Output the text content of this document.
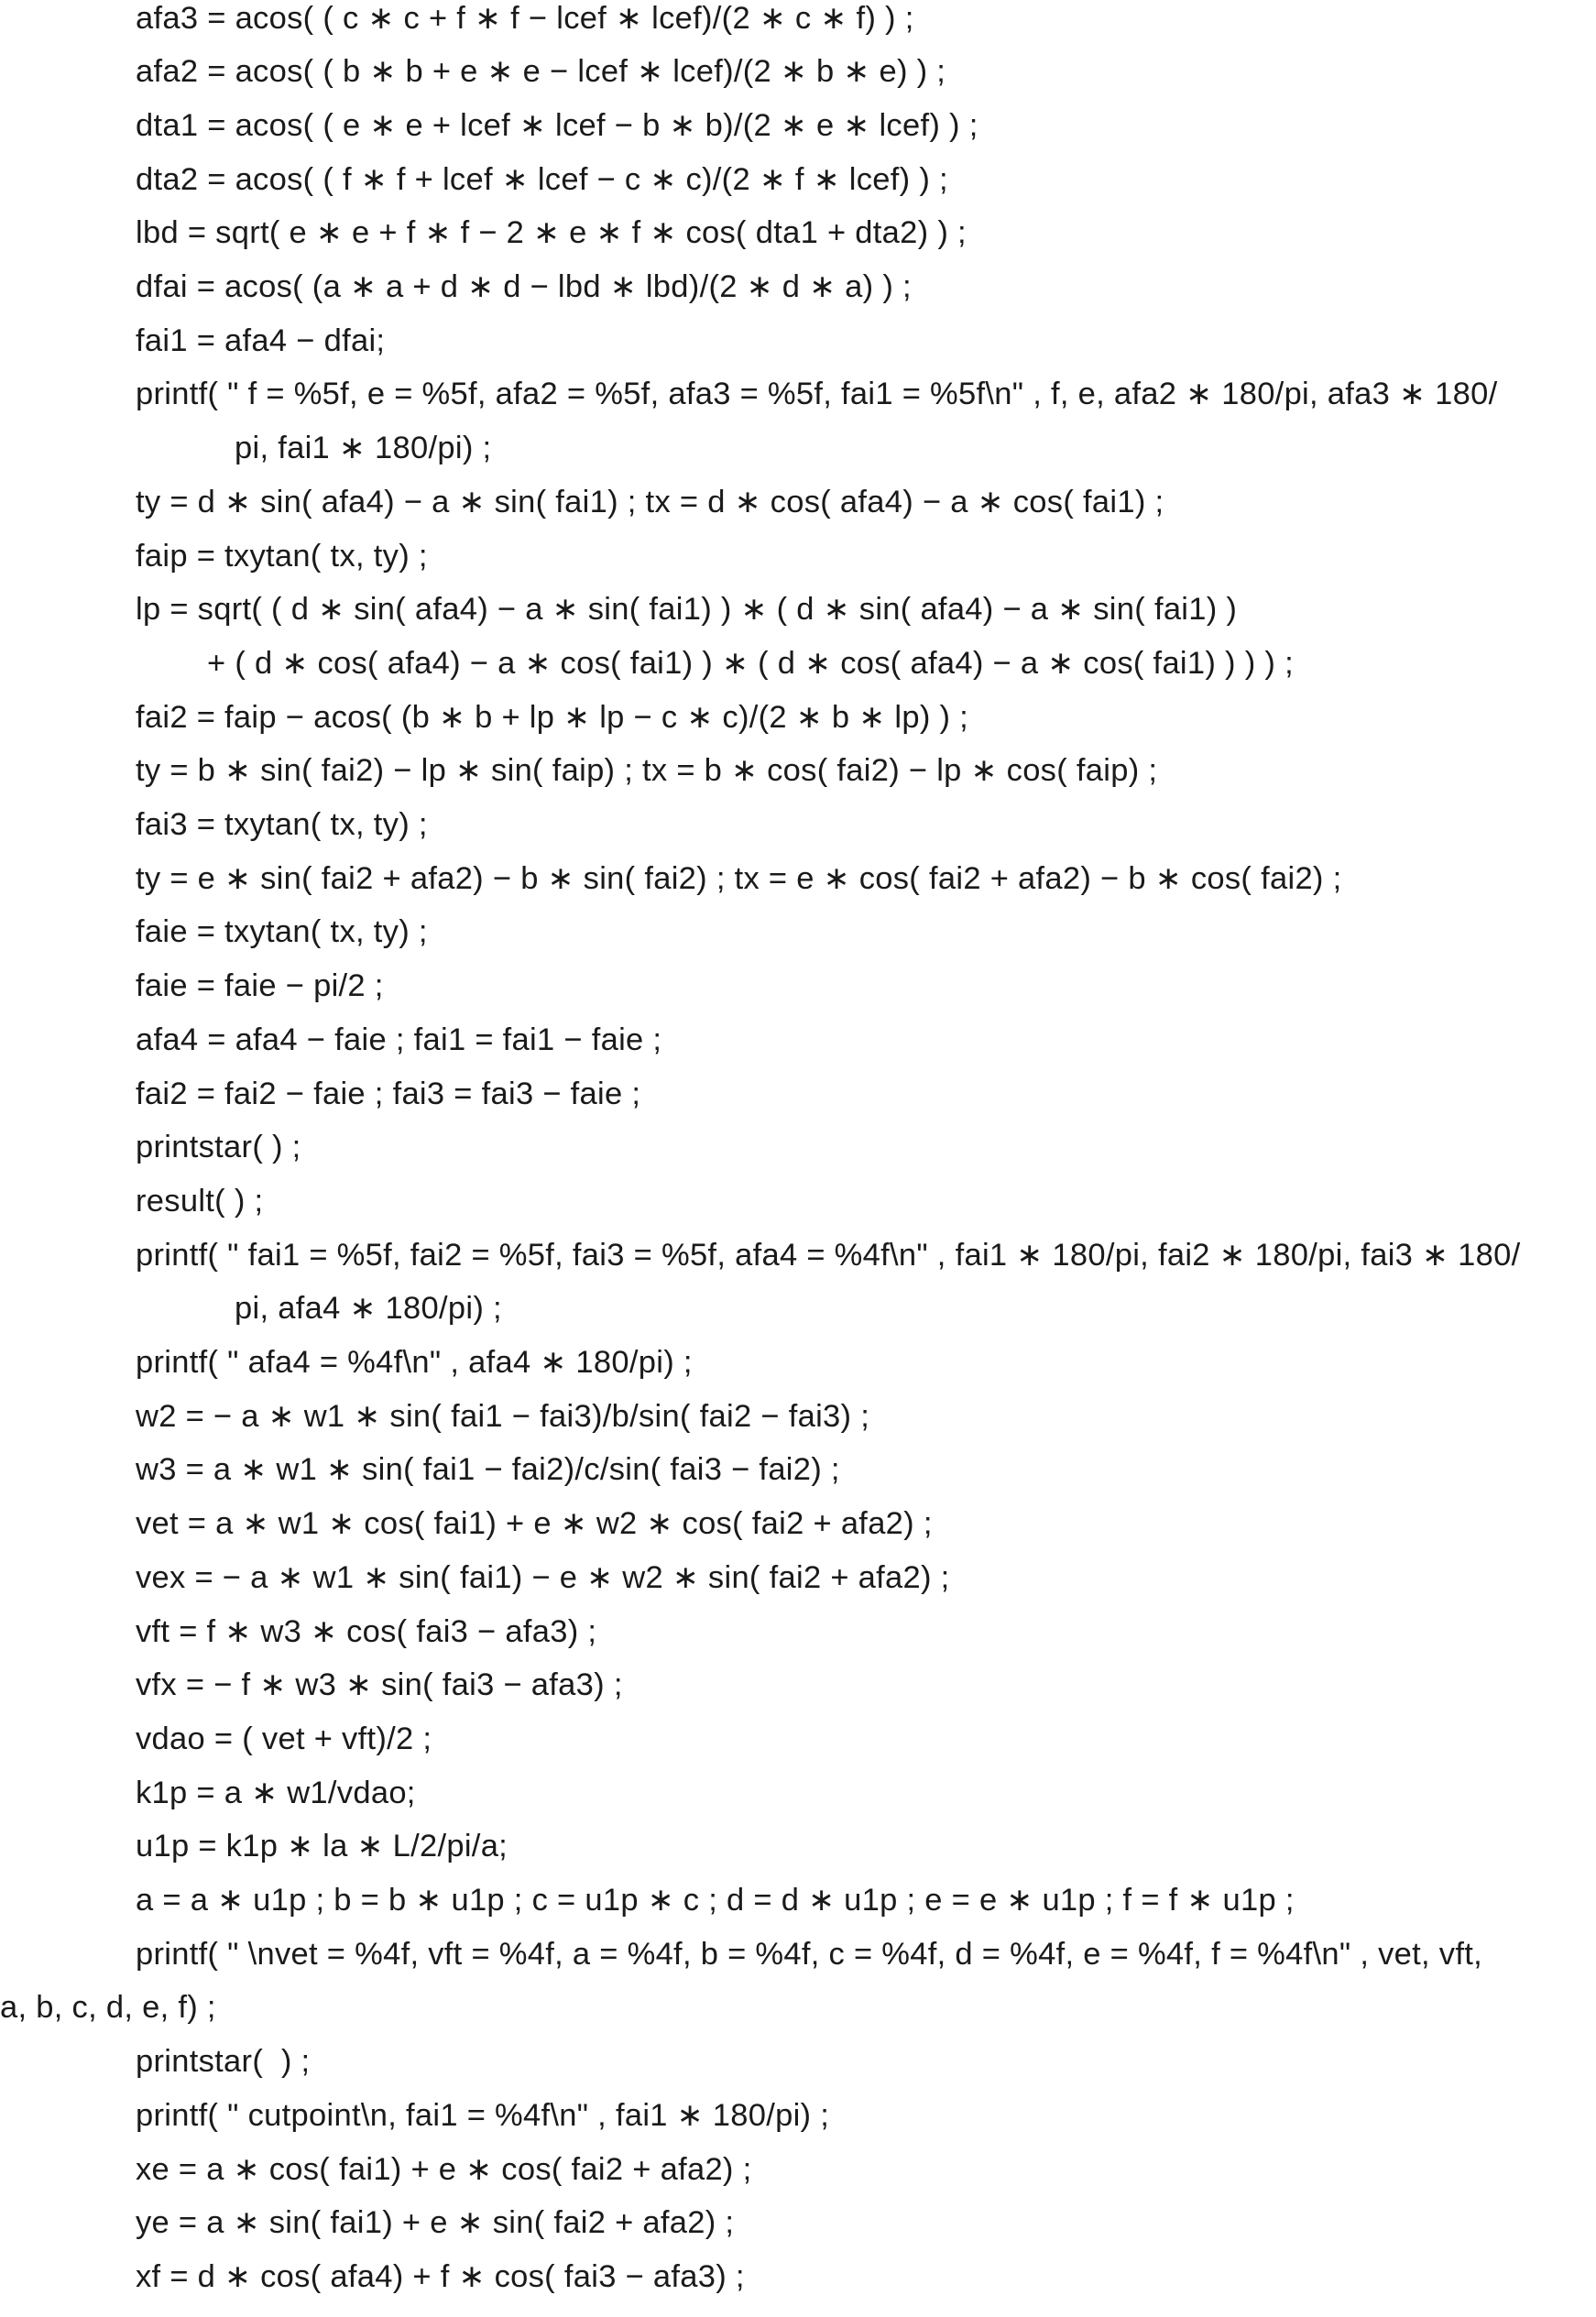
afa3 = acos( ( c ∗ c + f ∗ f − lcef ∗ lcef)/(2 ∗ c ∗ f) ) ;
afa2 = acos( ( b ∗ b + e ∗ e − lcef ∗ lcef)/(2 ∗ b ∗ e) ) ;
dta1 = acos( ( e ∗ e + lcef ∗ lcef − b ∗ b)/(2 ∗ e ∗ lcef) ) ;
dta2 = acos( ( f ∗ f + lcef ∗ lcef − c ∗ c)/(2 ∗ f ∗ lcef) ) ;
lbd = sqrt( e ∗ e + f ∗ f − 2 ∗ e ∗ f ∗ cos( dta1 + dta2) ) ;
dfai = acos( (a ∗ a + d ∗ d − lbd ∗ lbd)/(2 ∗ d ∗ a) ) ;
fai1 = afa4 − dfai;
printf( " f = %5f, e = %5f, afa2 = %5f, afa3 = %5f, fai1 = %5f\n" , f, e, afa2 ∗ 180/pi, afa3 ∗ 180/
pi, fai1 ∗ 180/pi) ;
ty = d ∗ sin( afa4) − a ∗ sin( fai1) ; tx = d ∗ cos( afa4) − a ∗ cos( fai1) ;
faip = txytan( tx, ty) ;
lp = sqrt( ( d ∗ sin( afa4) − a ∗ sin( fai1) ) ∗ ( d ∗ sin( afa4) − a ∗ sin( fai1) )
+ ( d ∗ cos( afa4) − a ∗ cos( fai1) ) ∗ ( d ∗ cos( afa4) − a ∗ cos( fai1) ) ) ) ;
fai2 = faip − acos( (b ∗ b + lp ∗ lp − c ∗ c)/(2 ∗ b ∗ lp) ) ;
ty = b ∗ sin( fai2) − lp ∗ sin( faip) ; tx = b ∗ cos( fai2) − lp ∗ cos( faip) ;
fai3 = txytan( tx, ty) ;
ty = e ∗ sin( fai2 + afa2) − b ∗ sin( fai2) ; tx = e ∗ cos( fai2 + afa2) − b ∗ cos( fai2) ;
faie = txytan( tx, ty) ;
faie = faie − pi/2 ;
afa4 = afa4 − faie ; fai1 = fai1 − faie ;
fai2 = fai2 − faie ; fai3 = fai3 − faie ;
printstar( ) ;
result( ) ;
printf( " fai1 = %5f, fai2 = %5f, fai3 = %5f, afa4 = %4f\n" , fai1 ∗ 180/pi, fai2 ∗ 180/pi, fai3 ∗ 180/
pi, afa4 ∗ 180/pi) ;
printf( " afa4 = %4f\n" , afa4 ∗ 180/pi) ;
w2 = − a ∗ w1 ∗ sin( fai1 − fai3)/b/sin( fai2 − fai3) ;
w3 = a ∗ w1 ∗ sin( fai1 − fai2)/c/sin( fai3 − fai2) ;
vet = a ∗ w1 ∗ cos( fai1) + e ∗ w2 ∗ cos( fai2 + afa2) ;
vex = − a ∗ w1 ∗ sin( fai1) − e ∗ w2 ∗ sin( fai2 + afa2) ;
vft = f ∗ w3 ∗ cos( fai3 − afa3) ;
vfx = − f ∗ w3 ∗ sin( fai3 − afa3) ;
vdao = ( vet + vft)/2 ;
k1p = a ∗ w1/vdao;
u1p = k1p ∗ la ∗ L/2/pi/a;
a = a ∗ u1p ; b = b ∗ u1p ; c = u1p ∗ c ; d = d ∗ u1p ; e = e ∗ u1p ; f = f ∗ u1p ;
printf( " \nvet = %4f, vft = %4f, a = %4f, b = %4f, c = %4f, d = %4f, e = %4f, f = %4f\n" , vet, vft,
a, b, c, d, e, f) ;
printstar(  ) ;
printf( " cutpoint\n, fai1 = %4f\n" , fai1 ∗ 180/pi) ;
xe = a ∗ cos( fai1) + e ∗ cos( fai2 + afa2) ;
ye = a ∗ sin( fai1) + e ∗ sin( fai2 + afa2) ;
xf = d ∗ cos( afa4) + f ∗ cos( fai3 − afa3) ;
